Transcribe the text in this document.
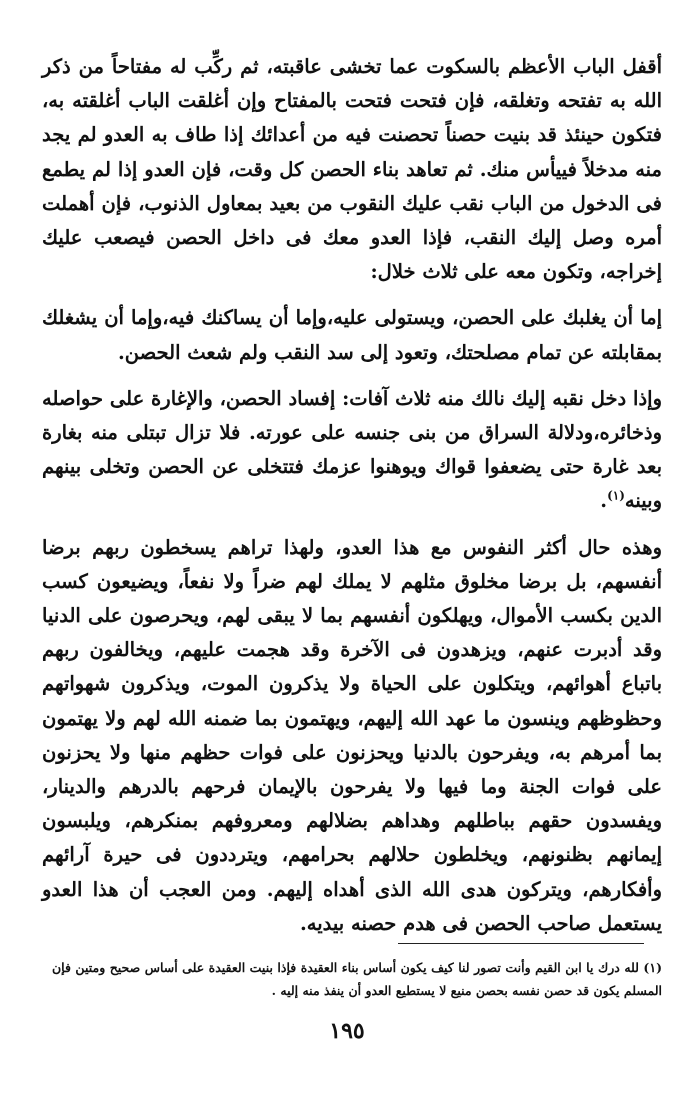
أقفل الباب الأعظم بالسكوت عما تخشى عاقبته، ثم ركِّب له مفتاحاً من ذكر الله به تفتحه وتغلقه، فإن فتحت فتحت بالمفتاح وإن أغلقت الباب أغلقته به، فتكون حينئذ قد بنيت حصناً تحصنت فيه من أعدائك إذا طاف به العدو لم يجد منه مدخلاً فييأس منك. ثم تعاهد بناء الحصن كل وقت، فإن العدو إذا لم يطمع فى الدخول من الباب نقب عليك النقوب من بعيد بمعاول الذنوب، فإن أهملت أمره وصل إليك النقب، فإذا العدو معك فى داخل الحصن فيصعب عليك إخراجه، وتكون معه على ثلاث خلال:

إما أن يغلبك على الحصن، ويستولى عليه،وإما أن يساكنك فيه،وإما أن يشغلك بمقابلته عن تمام مصلحتك، وتعود إلى سد النقب ولم شعث الحصن.

وإذا دخل نقبه إليك نالك منه ثلاث آفات: إفساد الحصن، والإغارة على حواصله وذخائره،ودلالة السراق من بنى جنسه على عورته. فلا تزال تبتلى منه بغارة بعد غارة حتى يضعفوا قواك ويوهنوا عزمك فتتخلى عن الحصن وتخلى بينهم وبينه$^{(١)}$.

وهذه حال أكثر النفوس مع هذا العدو، ولهذا تراهم يسخطون ربهم برضا أنفسهم، بل برضا مخلوق مثلهم لا يملك لهم ضراً ولا نفعاً، ويضيعون كسب الدين بكسب الأموال، ويهلكون أنفسهم بما لا يبقى لهم، ويحرصون على الدنيا وقد أدبرت عنهم، ويزهدون فى الآخرة وقد هجمت عليهم، ويخالفون ربهم باتباع أهوائهم، ويتكلون على الحياة ولا يذكرون الموت، ويذكرون شهواتهم وحظوظهم وينسون ما عهد الله إليهم، ويهتمون بما ضمنه الله لهم ولا يهتمون بما أمرهم به، ويفرحون بالدنيا ويحزنون على فوات حظهم منها ولا يحزنون على فوات الجنة وما فيها ولا يفرحون بالإيمان فرحهم بالدرهم والدينار، ويفسدون حقهم بباطلهم وهداهم بضلالهم ومعروفهم بمنكرهم، ويلبسون إيمانهم بظنونهم، ويخلطون حلالهم بحرامهم، ويترددون فى حيرة آرائهم وأفكارهم، ويتركون هدى الله الذى أهداه إليهم. ومن العجب أن هذا العدو يستعمل صاحب الحصن فى هدم حصنه بيديه.

(١) لله درك يا ابن القيم وأنت تصور لنا كيف يكون أساس بناء العقيدة فإذا بنيت العقيدة على أساس صحيح ومتين فإن المسلم يكون قد حصن نفسه بحصن منيع لا يستطيع العدو أن ينفذ منه إليه .

١٩٥
